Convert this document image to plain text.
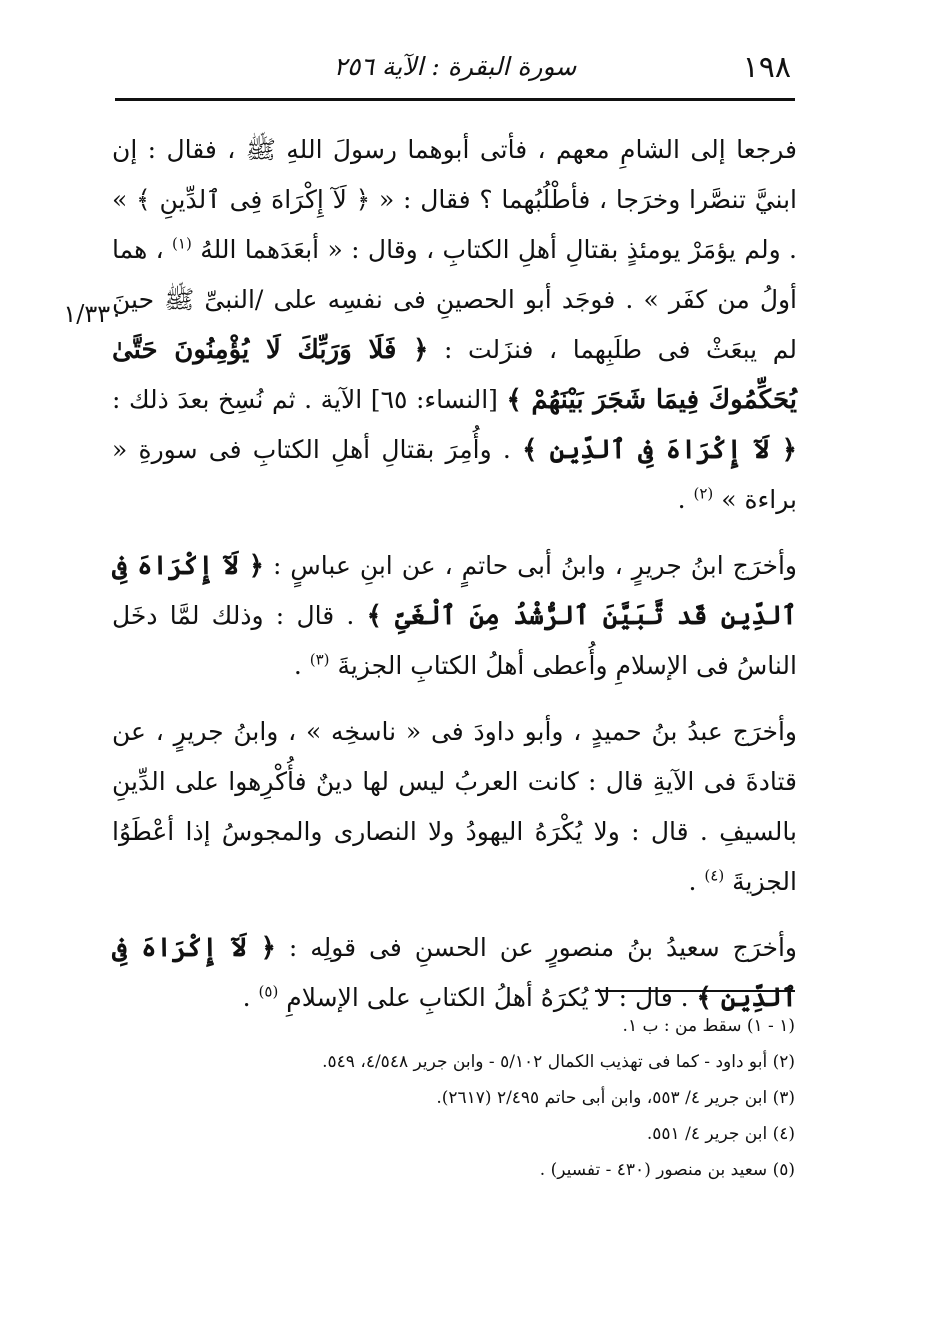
١٩٨
سورة البقرة : الآية ٢٥٦
١/٣٣٠

فرجعا إلى الشامِ معهم ، فأتى أبوهما رسولَ اللهِ ﷺ ، فقال : إن ابنيَّ تنصَّرا وخرَجا ، فأطْلُبُهما ؟ فقال : « ﴿ لَآ إِكْرَاهَ فِى ٱلدِّينِ ﴾ » . ولم يؤمَرْ يومئذٍ بقتالِ أهلِ الكتابِ ، وقال : « أبعَدَهما اللهُ $^{(١)}$ ، هما أولُ من كفَر » . فوجَد أبو الحصينِ فى نفسِه على /النبىِّ ﷺ حينَ لم يبعَثْ فى طلَبِهما ، فنزَلت : ﴿ فَلَا وَرَبِّكَ لَا يُؤْمِنُونَ حَتَّىٰ يُحَكِّمُوكَ فِيمَا شَجَرَ بَيْنَهُمْ ﴾ [النساء: ٦٥] الآية . ثم نُسِخ بعدَ ذلك : ﴿ لَآ إِكْرَاهَ فِى ٱلدِّينِ ﴾ . وأُمِرَ بقتالِ أهلِ الكتابِ فى سورةِ « براءة » $^{(٢)}$ .

وأخرَج ابنُ جريرٍ ، وابنُ أبى حاتمٍ ، عن ابنِ عباسٍ : ﴿ لَآ إِكْرَاهَ فِى ٱلدِّينِ قَد تَّبَيَّنَ ٱلرُّشْدُ مِنَ ٱلْغَىِّ ﴾ . قال : وذلك لمَّا دخَل الناسُ فى الإسلامِ وأُعطى أهلُ الكتابِ الجزيةَ $^{(٣)}$ .

وأخرَج عبدُ بنُ حميدٍ ، وأبو داودَ فى « ناسخِه » ، وابنُ جريرٍ ، عن قتادةَ فى الآيةِ قال : كانت العربُ ليس لها دينٌ فأُكْرِهوا على الدِّينِ بالسيفِ . قال : ولا يُكْرَهُ اليهودُ ولا النصارى والمجوسُ إذا أعْطَوُا الجزيةَ $^{(٤)}$ .

وأخرَج سعيدُ بنُ منصورٍ عن الحسنِ فى قولِه : ﴿ لَآ إِكْرَاهَ فِى ٱلدِّينِ ﴾ . قال : لا يُكرَهُ أهلُ الكتابِ على الإسلامِ $^{(٥)}$ .

(١ - ١) سقط من : ب ١.

(٢) أبو داود - كما فى تهذيب الكمال ٥/١٠٢ - وابن جرير ٤/٥٤٨، ٥٤٩.

(٣) ابن جرير ٤/ ٥٥٣، وابن أبى حاتم ٢/٤٩٥ (٢٦١٧).

(٤) ابن جرير ٤/ ٥٥١.

(٥) سعيد بن منصور (٤٣٠ - تفسير) .
